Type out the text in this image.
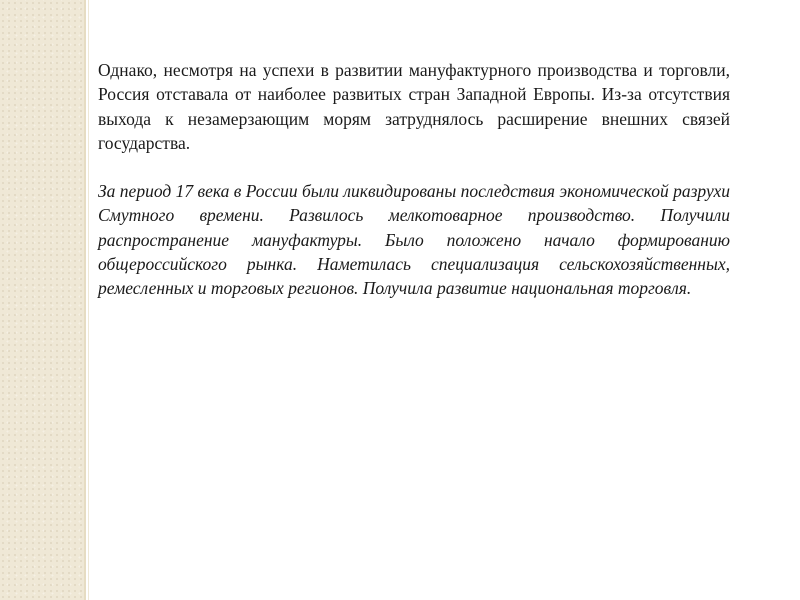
Однако, несмотря на успехи в развитии мануфактурного производства и торговли, Россия отставала от наиболее развитых стран Западной Европы. Из-за отсутствия выхода к незамерзающим морям затруднялось расширение внешних связей государства.

За период 17 века в России были ликвидированы последствия экономической разрухи Смутного времени. Развилось мелкотоварное производство. Получили распространение мануфактуры. Было положено начало формированию общероссийского рынка. Наметилась специализация сельскохозяйственных, ремесленных и торговых регионов. Получила развитие национальная торговля.
